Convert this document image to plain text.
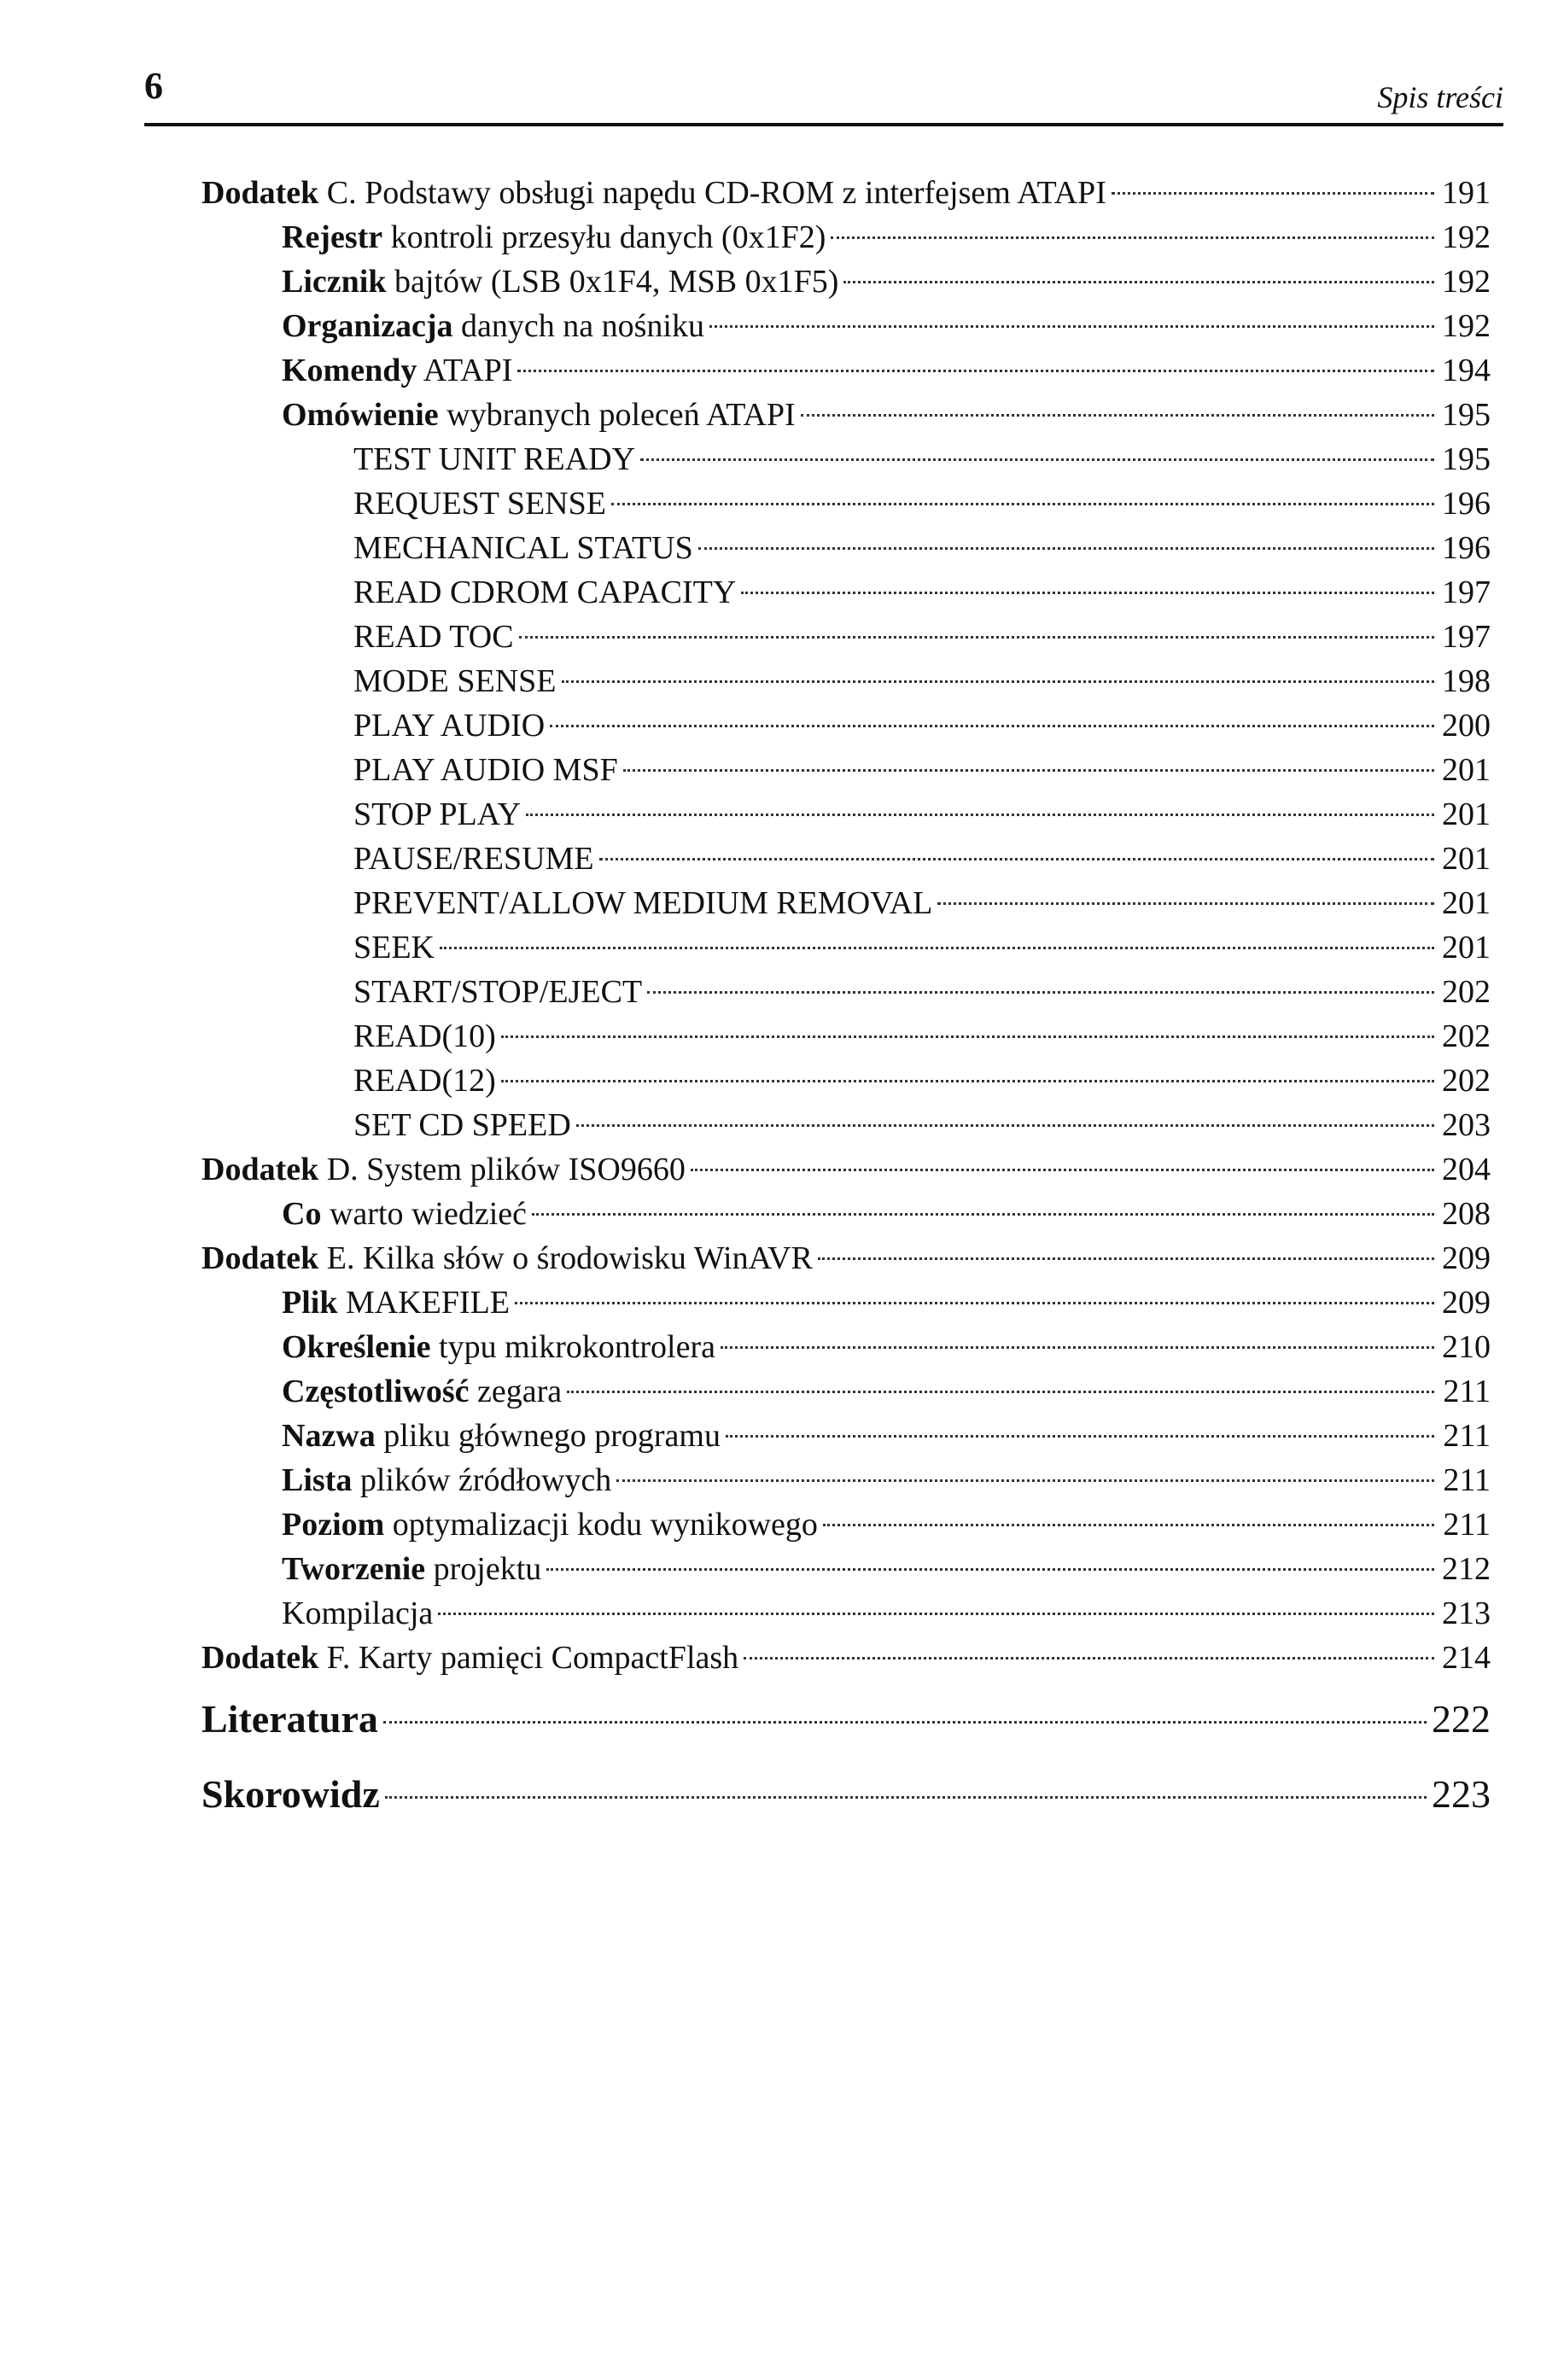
6	Spis treści
Dodatek C. Podstawy obsługi napędu CD-ROM z interfejsem ATAPI	191
Rejestr kontroli przesyłu danych (0x1F2)	192
Licznik bajtów (LSB 0x1F4, MSB 0x1F5)	192
Organizacja danych na nośniku	192
Komendy ATAPI	194
Omówienie wybranych poleceń ATAPI	195
TEST UNIT READY	195
REQUEST SENSE	196
MECHANICAL STATUS	196
READ CDROM CAPACITY	197
READ TOC	197
MODE SENSE	198
PLAY AUDIO	200
PLAY AUDIO MSF	201
STOP PLAY	201
PAUSE/RESUME	201
PREVENT/ALLOW MEDIUM REMOVAL	201
SEEK	201
START/STOP/EJECT	202
READ(10)	202
READ(12)	202
SET CD SPEED	203
Dodatek D. System plików ISO9660	204
Co warto wiedzieć	208
Dodatek E. Kilka słów o środowisku WinAVR	209
Plik MAKEFILE	209
Określenie typu mikrokontrolera	210
Częstotliwość zegara	211
Nazwa pliku głównego programu	211
Lista plików źródłowych	211
Poziom optymalizacji kodu wynikowego	211
Tworzenie projektu	212
Kompilacja	213
Dodatek F. Karty pamięci CompactFlash	214
Literatura	222
Skorowidz	223
